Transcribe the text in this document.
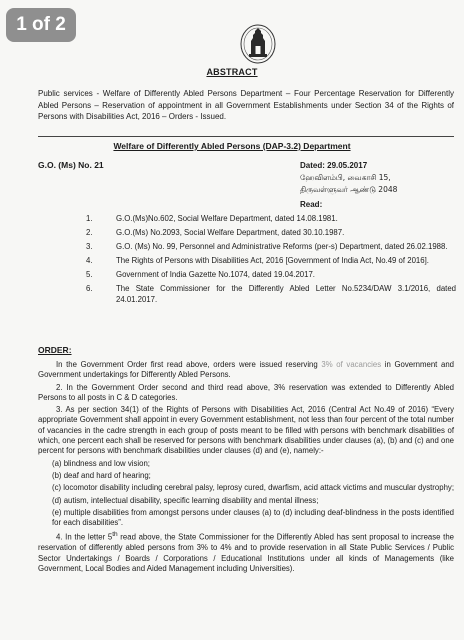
1 of 2
ABSTRACT
Public services - Welfare of Differently Abled Persons Department – Four Percentage Reservation for Differently Abled Persons – Reservation of appointment in all Government Establishments under Section 34 of the Rights of Persons with Disabilities Act, 2016 – Orders - Issued.
Welfare of Differently Abled Persons (DAP-3.2) Department
G.O. (Ms) No. 21	Dated: 29.05.2017
ஹேவிளம்பி, வைகாசி 15,
திருவள்ளுவர் ஆண்டு 2048
Read:
1.	G.O.(Ms)No.602, Social Welfare Department, dated 14.08.1981.
2.	G.O.(Ms) No.2093, Social Welfare Department, dated 30.10.1987.
3.	G.O. (Ms) No. 99, Personnel and Administrative Reforms (per-s) Department, dated 26.02.1988.
4.	The Rights of Persons with Disabilities Act, 2016 [Government of India Act, No.49 of 2016].
5.	Government of India Gazette No.1074, dated 19.04.2017.
6.	The State Commissioner for the Differently Abled Letter No.5234/DAW 3.1/2016, dated 24.01.2017.
ORDER:

In the Government Order first read above, orders were issued reserving 3% of vacancies in Government and Government undertakings for Differently Abled Persons.

2. In the Government Order second and third read above, 3% reservation was extended to Differently Abled Persons to all posts in C & D categories.

3. As per section 34(1) of the Rights of Persons with Disabilities Act, 2016 (Central Act No.49 of 2016) “Every appropriate Government shall appoint in every Government establishment, not less than four percent of the total number of vacancies in the cadre strength in each group of posts meant to be filled with persons with benchmark disabilities of which, one percent each shall be reserved for persons with benchmark disabilities under clauses (a), (b) and (c) and one percent for persons with benchmark disabilities under clauses (d) and (e), namely:-

(a) blindness and low vision;

(b) deaf and hard of hearing;

(c) locomotor disability including cerebral palsy, leprosy cured, dwarfism, acid attack victims and muscular dystrophy;

(d) autism, intellectual disability, specific learning disability and mental illness;

(e) multiple disabilities from amongst persons under clauses (a) to (d) including deaf-blindness in the posts identified for each disabilities”.

4. In the letter 5th read above, the State Commissioner for the Differently Abled has sent proposal to increase the reservation of differently abled persons from 3% to 4% and to provide reservation in all State Public Services / Public Sector Undertakings / Boards / Corporations / Educational Institutions under all kinds of Managements (like Government, Local Bodies and Aided Management including Universities).
